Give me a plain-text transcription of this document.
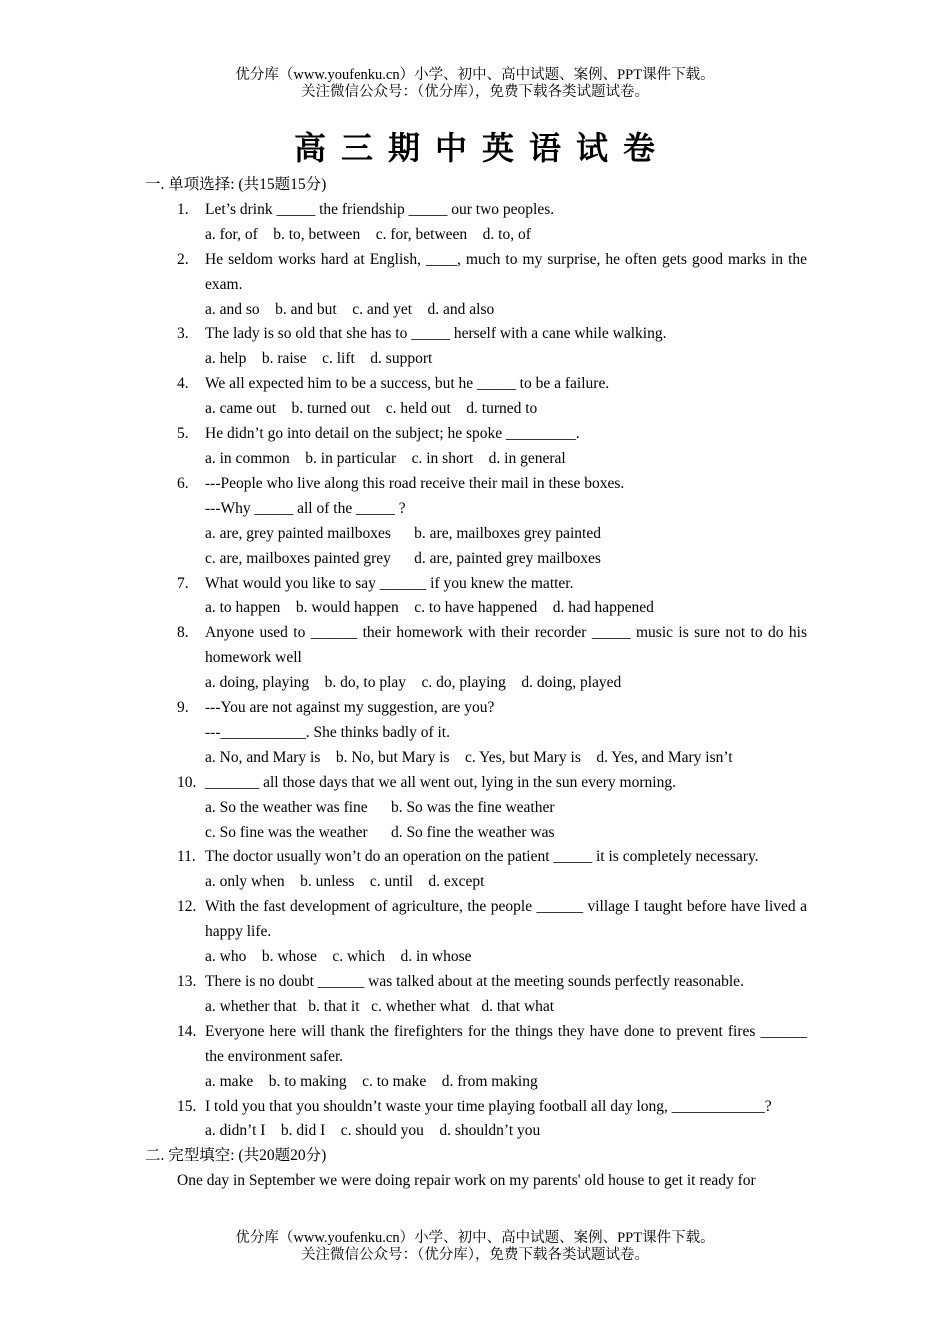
优分库（www.youfenku.cn）小学、初中、高中试题、案例、PPT课件下载。
关注微信公众号：（优分库），免费下载各类试题试卷。
高三期中英语试卷
一. 单项选择: (共15题15分)
1.	Let’s drink _____ the friendship _____ our two peoples.
a. for, of    b. to, between    c. for, between    d. to, of
2.	He seldom works hard at English, ____, much to my surprise, he often gets good marks in the exam.
a. and so    b. and but    c. and yet    d. and also
3.	The lady is so old that she has to _____ herself with a cane while walking.
a. help    b. raise    c. lift    d. support
4.	We all expected him to be a success, but he _____ to be a failure.
a. came out    b. turned out    c. held out    d. turned to
5.	He didn’t go into detail on the subject; he spoke _________.
a. in common    b. in particular    c. in short    d. in general
6.	---People who live along this road receive their mail in these boxes.
---Why _____ all of the _____ ?
a. are, grey painted mailboxes      b. are, mailboxes grey painted
c. are, mailboxes painted grey      d. are, painted grey mailboxes
7.	What would you like to say ______ if you knew the matter.
a. to happen    b. would happen    c. to have happened    d. had happened
8.	Anyone used to ______ their homework with their recorder _____ music is sure not to do his homework well
a. doing, playing    b. do, to play    c. do, playing    d. doing, played
9.	---You are not against my suggestion, are you?
---___________. She thinks badly of it.
a. No, and Mary is    b. No, but Mary is    c. Yes, but Mary is    d. Yes, and Mary isn’t
10. _______ all those days that we all went out, lying in the sun every morning.
a. So the weather was fine      b. So was the fine weather
c. So fine was the weather      d. So fine the weather was
11. The doctor usually won’t do an operation on the patient _____ it is completely necessary.
a. only when    b. unless    c. until    d. except
12. With the fast development of agriculture, the people ______ village I taught before have lived a happy life.
a. who    b. whose    c. which    d. in whose
13. There is no doubt ______ was talked about at the meeting sounds perfectly reasonable.
a. whether that   b. that it   c. whether what   d. that what
14. Everyone here will thank the firefighters for the things they have done to prevent fires ______ the environment safer.
a. make    b. to making    c. to make    d. from making
15. I told you that you shouldn’t waste your time playing football all day long, ____________?
a. didn’t I    b. did I    c. should you    d. shouldn’t you
二. 完型填空: (共20题20分)
One day in September we were doing repair work on my parents' old house to get it ready for
优分库（www.youfenku.cn）小学、初中、高中试题、案例、PPT课件下载。
关注微信公众号：（优分库），免费下载各类试题试卷。
